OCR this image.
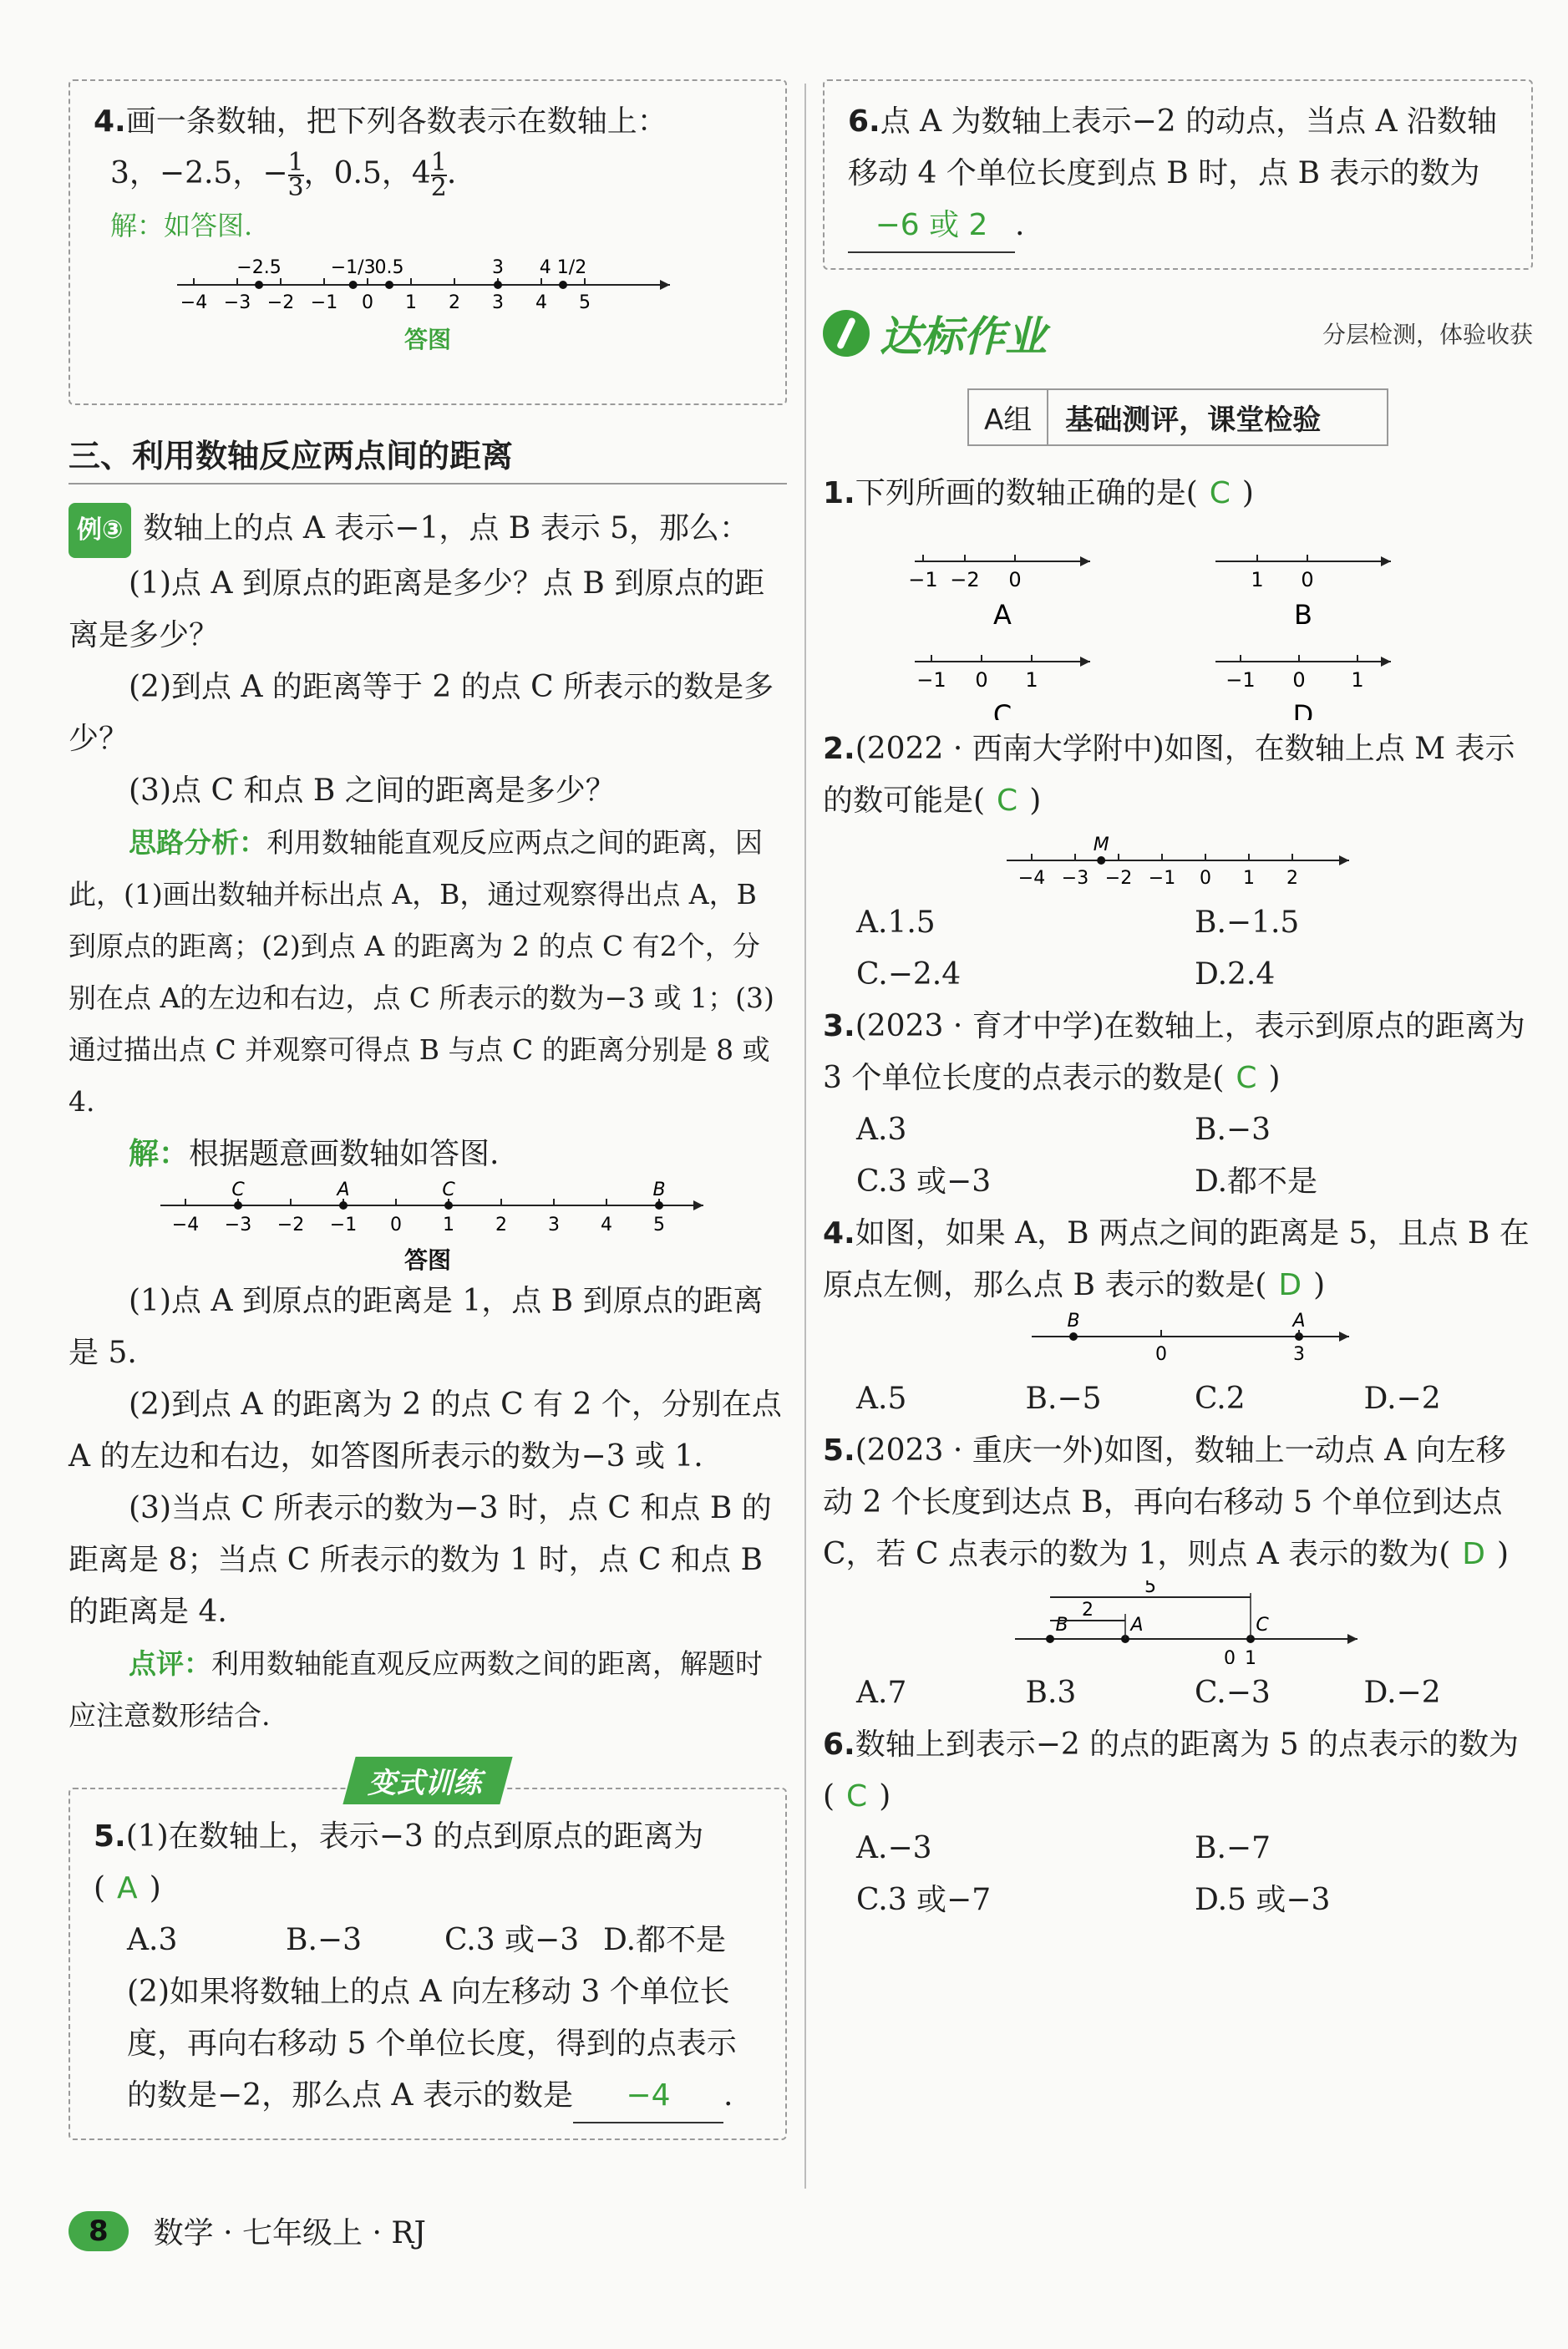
4.画一条数轴，把下列各数表示在数轴上：

3，−2.5，− $\frac{1}{3}$ ，0.5，$4 \frac{1}{2}$ .

解：如答图.

−4 −3 −2 −1 0 1 2 3 4 5
−2.5	−1/3
0.5	3 4 1/2
答图
三、利用数轴反应两点间的距离

例③ 数轴上的点 A 表示−1，点 B 表示 5，那么：

(1)点 A 到原点的距离是多少？点 B 到原点的距离是多少？

(2)到点 A 的距离等于 2 的点 C 所表示的数是多少？

(3)点 C 和点 B 之间的距离是多少？

思路分析：利用数轴能直观反应两点之间的距离，因此，(1)画出数轴并标出点 A，B，通过观察得出点 A，B 到原点的距离；(2)到点 A 的距离为 2 的点 C 有2个，分别在点 A的左边和右边，点 C 所表示的数为−3 或 1；(3)通过描出点 C 并观察可得点 B 与点 C 的距离分别是 8 或 4.

解：根据题意画数轴如答图.

−4 −3 −2 −1 0 1 2 3 4 5
C	A	C	B
答图

(1)点 A 到原点的距离是 1，点 B 到原点的距离是 5.

(2)到点 A 的距离为 2 的点 C 有 2 个，分别在点 A 的左边和右边，如答图所表示的数为−3 或 1.

(3)当点 C 所表示的数为−3 时，点 C 和点 B 的距离是 8；当点 C 所表示的数为 1 时，点 C 和点 B 的距离是 4.

点评：利用数轴能直观反应两数之间的距离，解题时应注意数形结合.

变式训练

5.(1)在数轴上，表示−3 的点到原点的距离为( A )

A.3	B.−3	C.3 或−3 D.都不是

(2)如果将数轴上的点 A 向左移动 3 个单位长度，再向右移动 5 个单位长度，得到的点表示的数是−2，那么点 A 表示的数是 −4 .

6.点 A 为数轴上表示−2 的动点，当点 A 沿数轴移动 4 个单位长度到点 B 时，点 B 表示的数为−6 或 2 .

达标作业	分层检测，体验收获
A组	基础测评，课堂检验

1.下列所画的数轴正确的是( C )

−1 −2 0
A
1 0
B
−1 0 1
C
−1 0 1
D

2.(2022 · 西南大学附中)如图，在数轴上点 M 表示的数可能是( C )

−4 −3 −2 −1 0 1 2
M
A.1.5	B.−1.5
C.−2.4	D.2.4

3.(2023 · 育才中学)在数轴上，表示到原点的距离为 3 个单位长度的点表示的数是( C )

A.3	B.−3
C.3 或−3	D.都不是

4.如图，如果 A，B 两点之间的距离是 5，且点 B 在原点左侧，那么点 B 表示的数是( D )

B	A
0	3
A.5	B.−5	C.2	D.−2

5.(2023 · 重庆一外)如图，数轴上一动点 A 向左移动 2 个长度到达点 B，再向右移动 5 个单位到达点 C，若 C 点表示的数为 1，则点 A 表示的数为( D )

B	A	C
0 1
5
2
A.7	B.3	C.−3	D.−2

6.数轴上到表示−2 的点的距离为 5 的点表示的数为( C )

A.−3	B.−7
C.3 或−7	D.5 或−3
8	数学 · 七年级上 · RJ
